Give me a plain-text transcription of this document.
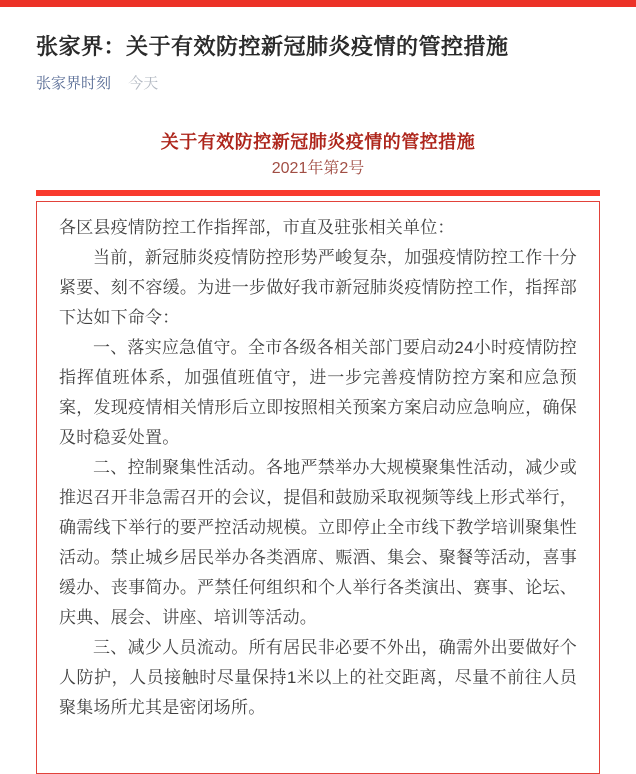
张家界：关于有效防控新冠肺炎疫情的管控措施
张家界时刻 今天
关于有效防控新冠肺炎疫情的管控措施
2021年第2号

各区县疫情防控工作指挥部，市直及驻张相关单位：

当前，新冠肺炎疫情防控形势严峻复杂，加强疫情防控工作十分紧要、刻不容缓。为进一步做好我市新冠肺炎疫情防控工作，指挥部下达如下命令：

一、落实应急值守。全市各级各相关部门要启动24小时疫情防控指挥值班体系，加强值班值守，进一步完善疫情防控方案和应急预案，发现疫情相关情形后立即按照相关预案方案启动应急响应，确保及时稳妥处置。

二、控制聚集性活动。各地严禁举办大规模聚集性活动，减少或推迟召开非急需召开的会议，提倡和鼓励采取视频等线上形式举行，确需线下举行的要严控活动规模。立即停止全市线下教学培训聚集性活动。禁止城乡居民举办各类酒席、赈酒、集会、聚餐等活动，喜事缓办、丧事简办。严禁任何组织和个人举行各类演出、赛事、论坛、庆典、展会、讲座、培训等活动。

三、减少人员流动。所有居民非必要不外出，确需外出要做好个人防护，人员接触时尽量保持1米以上的社交距离，尽量不前往人员聚集场所尤其是密闭场所。
